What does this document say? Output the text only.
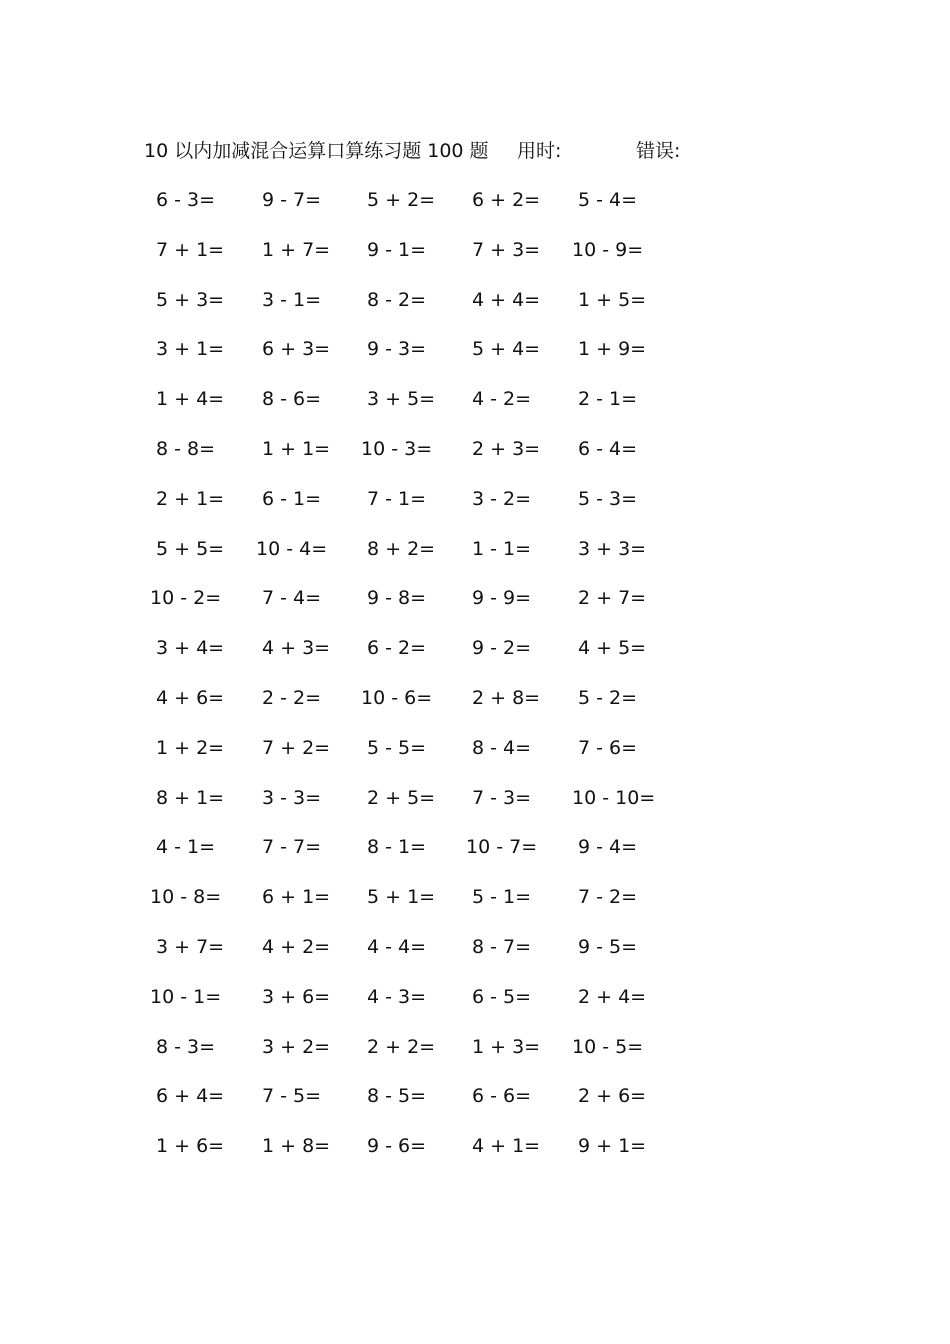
10 以内加减混合运算口算练习题 100 题 用时:	错误:
6 - 3= 9 - 7= 5 + 2= 6 + 2= 5 - 4=
7 + 1= 1 + 7= 9 - 1= 7 + 3= 10 - 9=
5 + 3= 3 - 1= 8 - 2= 4 + 4= 1 + 5=
3 + 1= 6 + 3= 9 - 3= 5 + 4= 1 + 9=
1 + 4= 8 - 6= 3 + 5= 4 - 2= 2 - 1=
8 - 8= 1 + 1= 10 - 3= 2 + 3= 6 - 4=
2 + 1= 6 - 1= 7 - 1= 3 - 2= 5 - 3=
5 + 5= 10 - 4= 8 + 2= 1 - 1= 3 + 3=
10 - 2= 7 - 4= 9 - 8= 9 - 9= 2 + 7=
3 + 4= 4 + 3= 6 - 2= 9 - 2= 4 + 5=
4 + 6= 2 - 2= 10 - 6= 2 + 8= 5 - 2=
1 + 2= 7 + 2= 5 - 5= 8 - 4= 7 - 6=
8 + 1= 3 - 3= 2 + 5= 7 - 3= 10 - 10=
4 - 1= 7 - 7= 8 - 1= 10 - 7= 9 - 4=
10 - 8= 6 + 1= 5 + 1= 5 - 1= 7 - 2=
3 + 7= 4 + 2= 4 - 4= 8 - 7= 9 - 5=
10 - 1= 3 + 6= 4 - 3= 6 - 5= 2 + 4=
8 - 3= 3 + 2= 2 + 2= 1 + 3= 10 - 5=
6 + 4= 7 - 5= 8 - 5= 6 - 6= 2 + 6=
1 + 6= 1 + 8= 9 - 6= 4 + 1= 9 + 1=
